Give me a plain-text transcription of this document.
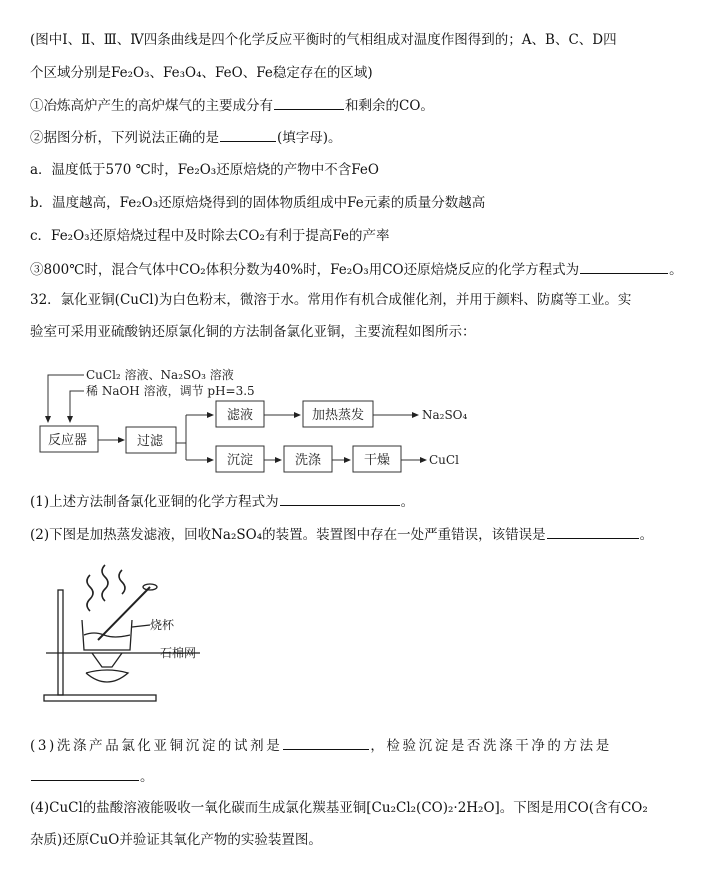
(图中Ⅰ、Ⅱ、Ⅲ、Ⅳ四条曲线是四个化学反应平衡时的气相组成对温度作图得到的；A、B、C、D四
个区域分别是Fe₂O₃、Fe₃O₄、FeO、Fe稳定存在的区域)
①冶炼高炉产生的高炉煤气的主要成分有	和剩余的CO。
②据图分析，下列说法正确的是	(填字母)。
a．温度低于570 ℃时，Fe₂O₃还原焙烧的产物中不含FeO
b．温度越高，Fe₂O₃还原焙烧得到的固体物质组成中Fe元素的质量分数越高
c．Fe₂O₃还原焙烧过程中及时除去CO₂有利于提高Fe的产率
③800℃时，混合气体中CO₂体积分数为40%时，Fe₂O₃用CO还原焙烧反应的化学方程式为	。
32．氯化亚铜(CuCl)为白色粉末，微溶于水。常用作有机合成催化剂，并用于颜料、防腐等工业。实
验室可采用亚硫酸钠还原氯化铜的方法制备氯化亚铜，主要流程如图所示：
CuCl₂ 溶液、Na₂SO₃ 溶液
稀 NaOH 溶液，调节 pH=3.5
反应器	过滤
滤液	加热蒸发	Na₂SO₄
沉淀	洗涤	干燥	CuCl
(1)上述方法制备氯化亚铜的化学方程式为	。
(2)下图是加热蒸发滤液，回收Na₂SO₄的装置。装置图中存在一处严重错误，该错误是	。
烧杯
石棉网
(3)洗涤产品氯化亚铜沉淀的试剂是	，检验沉淀是否洗涤干净的方法是
。
(4)CuCl的盐酸溶液能吸收一氧化碳而生成氯化羰基亚铜[Cu₂Cl₂(CO)₂·2H₂O]。下图是用CO(含有CO₂
杂质)还原CuO并验证其氧化产物的实验装置图。
